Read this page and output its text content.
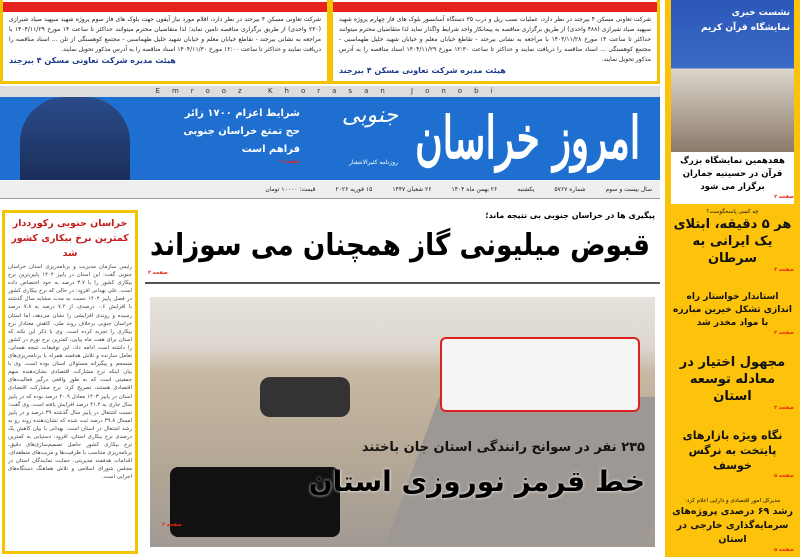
شرکت تعاونی مسکن ۴ بیرجند در نظر دارد، اقلام مورد نیاز آیفون جهت بلوک های فاز سوم پروژه شهید سپهبد صیاد شیرازی (۲۳۰ واحدی) از طریق برگزاری مناقصه تامین نماید؛ لذا متقاضیان محترم میتوانند حداکثر تا ساعت ۱۴ مورخ ۱۴۰۴/۱۱/۲۹ با مراجعه به نشانی بیرجند - تقاطع خیابان معلم و خیابان شهید خلیل طهماسبی - مجتمع کوهسنگی از تلن ... اسناد مناقصه را دریافت نمایند و حداکثر تا ساعت ۱۲:۰۰ مورخ ۱۴۰۴/۱۱/۳۰ اسناد مناقصه را به آدرس مذکور تحویل نمایند.
هیئت مدیره شرکت تعاونی مسکن ۴ بیرجند
شرکت تعاونی مسکن ۴ بیرجند در نظر دارد، عملیات نصب ریل و درب ۳۵ دستگاه آسانسور بلوک های فاز چهارم پروژه شهید سپهبد صیاد شیرازی (۴۸۸ واحدی) از طریق برگزاری مناقصه به پیمانکار واجد شرایط واگذار نماید لذا متقاضیان محترم میتوانند حداکثر تا ساعت ۱۴ مورخ ۱۴۰۴/۱۱/۲۸ با مراجعه به نشانی بیرجند - تقاطع خیابان معلم و خیابان شهید خلیل طهماسبی - مجتمع کوهسنگی ... اسناد مناقصه را دریافت نمایند و حداکثر تا ساعت ۱۲:۳۰ مورخ ۱۴۰۴/۱۱/۲۹ اسناد مناقصه را به آدرس مذکور تحویل نمایند.
هیئت مدیره شرکت تعاونی مسکن ۴ بیرجند
Emrooz Khorasan Jonobi
امروز خراسان
جنوبی
روزنامه کثیرالانتشار
شرایط اعزام ۱۷۰۰ زائر
حج تمتع خراسان جنوبی
فراهم است
صفحه ۲
سال بیست و سوم
شماره ۵۷۶۷
یکشنبه
۲۶ بهمن ماه ۱۴۰۴
۲۶ شعبان ۱۴۴۷
۱۵ فوریه ۲۰۲۶
قیمت: ۱۰۰۰۰ تومان
نشست خبری
نمایشگاه قرآن کریم
هفدهمین نمایشگاه بزرگ قرآن در حسینیه جماران برگزار می شود
صفحه ۲
چه کسی پاسخگوست؟
هر ۵ دقیقه، ابتلای یک ایرانی به سرطان
صفحه ۴
استاندار خواستار راه اندازی تشکل خیرین مبارزه با مواد مخدر شد
صفحه ۲
مجهول اختیار در معادله توسعه استان
صفحه ۳
نگاه ویژه بازارهای پایتخت به نرگس خوسف
صفحه ۵
مدیرکل امور اقتصادی و دارایی اعلام کرد:
رشد ۶۹ درصدی پروژه‌های سرمایه‌گذاری خارجی در استان
صفحه ۵
خراسان جنوبی رکورددار کمترین نرخ بیکاری کشور شد

رئیس سازمان مدیریت و برنامه‌ریزی استان خراسان جنوبی گفت: این استان در پاییز ۱۴۰۴ پایین‌ترین نرخ بیکاری کشور را با ۳.۷ درصد به خود اختصاص داده است. علی بهدانی افزود: در حالی که نرخ بیکاری کشور در فصل پاییز ۱۴۰۴ نسبت به مدت مشابه سال گذشته با افزایش ۰.۶ درصدی، از ۷.۲ درصد به ۷.۸ درصد رسیده و روندی افزایشی را نشان می‌دهد، اما استان خراسان جنوبی برخلاف روند ملی، کاهش معنادار نرخ بیکاری را تجربه کرده است. وی با ذکر این نکته که استان برای هفت ماه پیاپی، کمترین نرخ تورم در کشور را داشته است ادامه داد: این توفیقات نتیجه همدلی، تعامل سازنده و تلاش هدفمند همراه با برنامه‌ریزی‌های منسجم و پیگیرانه مسئولان استان بوده است. وی با بیان اینکه نرخ مشارکت اقتصادی نشان‌دهنده سهم جمعیتی است که به طور واقعی درگیر فعالیت‌های اقتصادی هستند، تصریح کرد: نرخ مشارکت اقتصادی استان در پاییز ۱۴۰۳ معادل ۴۰.۹ درصد بوده که در پاییز سال جاری به ۴۱.۴ درصد افزایش یافته است. وی گفت: نسبت اشتغال در پاییز سال گذشته ۳۹ درصد و در پاییز امسال ۳۹.۸ درصد ثبت شده که نشان‌دهنده روند رو به رشد اشتغال در استان است. بهدانی با بیان کاهش یک درصدی نرخ بیکاری استان، افزود: دستیابی به کمترین نرخ بیکاری کشور حاصل تصمیم‌سازی‌های دقیق، برنامه‌ریزی متناسب با ظرفیت‌ها و مزیت‌های منطقه‌ای، اقدامات هدفمند مدیریتی، حمایت نمایندگان استان در مجلس شورای اسلامی و تلاش هماهنگ دستگاه‌های اجرایی است.

پیگیری ها در خراسان جنوبی بی نتیجه ماند؛
قبوض میلیونی گاز همچنان می سوزاند
صفحه ۲
۲۳۵ نفر در سوانح رانندگی استان جان باختند
خط قرمز نوروزی استان
صفحه ۲
